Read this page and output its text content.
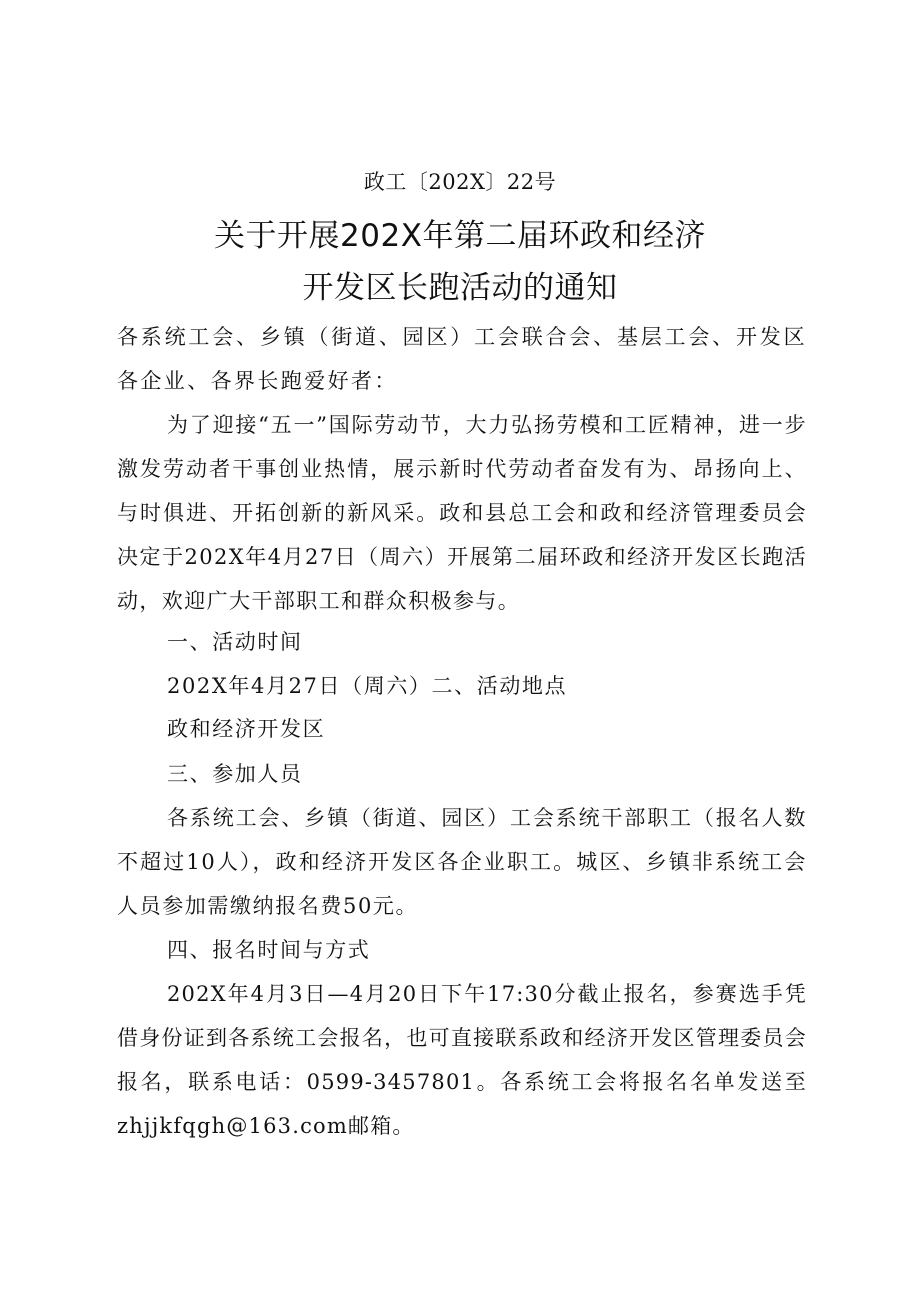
政工〔202X〕22号
关于开展202X年第二届环政和经济
开发区长跑活动的通知
各系统工会、乡镇（街道、园区）工会联合会、基层工会、开发区各企业、各界长跑爱好者：
为了迎接“五一”国际劳动节，大力弘扬劳模和工匠精神，进一步激发劳动者干事创业热情，展示新时代劳动者奋发有为、昂扬向上、与时俱进、开拓创新的新风采。政和县总工会和政和经济管理委员会决定于202X年4月27日（周六）开展第二届环政和经济开发区长跑活动，欢迎广大干部职工和群众积极参与。
一、活动时间
202X年4月27日（周六）二、活动地点
政和经济开发区
三、参加人员
各系统工会、乡镇（街道、园区）工会系统干部职工（报名人数不超过10人），政和经济开发区各企业职工。城区、乡镇非系统工会人员参加需缴纳报名费50元。
四、报名时间与方式
202X年4月3日—4月20日下午17:30分截止报名，参赛选手凭借身份证到各系统工会报名，也可直接联系政和经济开发区管理委员会报名，联系电话：0599-3457801。各系统工会将报名名单发送至zhjjkfqgh@163.com邮箱。
